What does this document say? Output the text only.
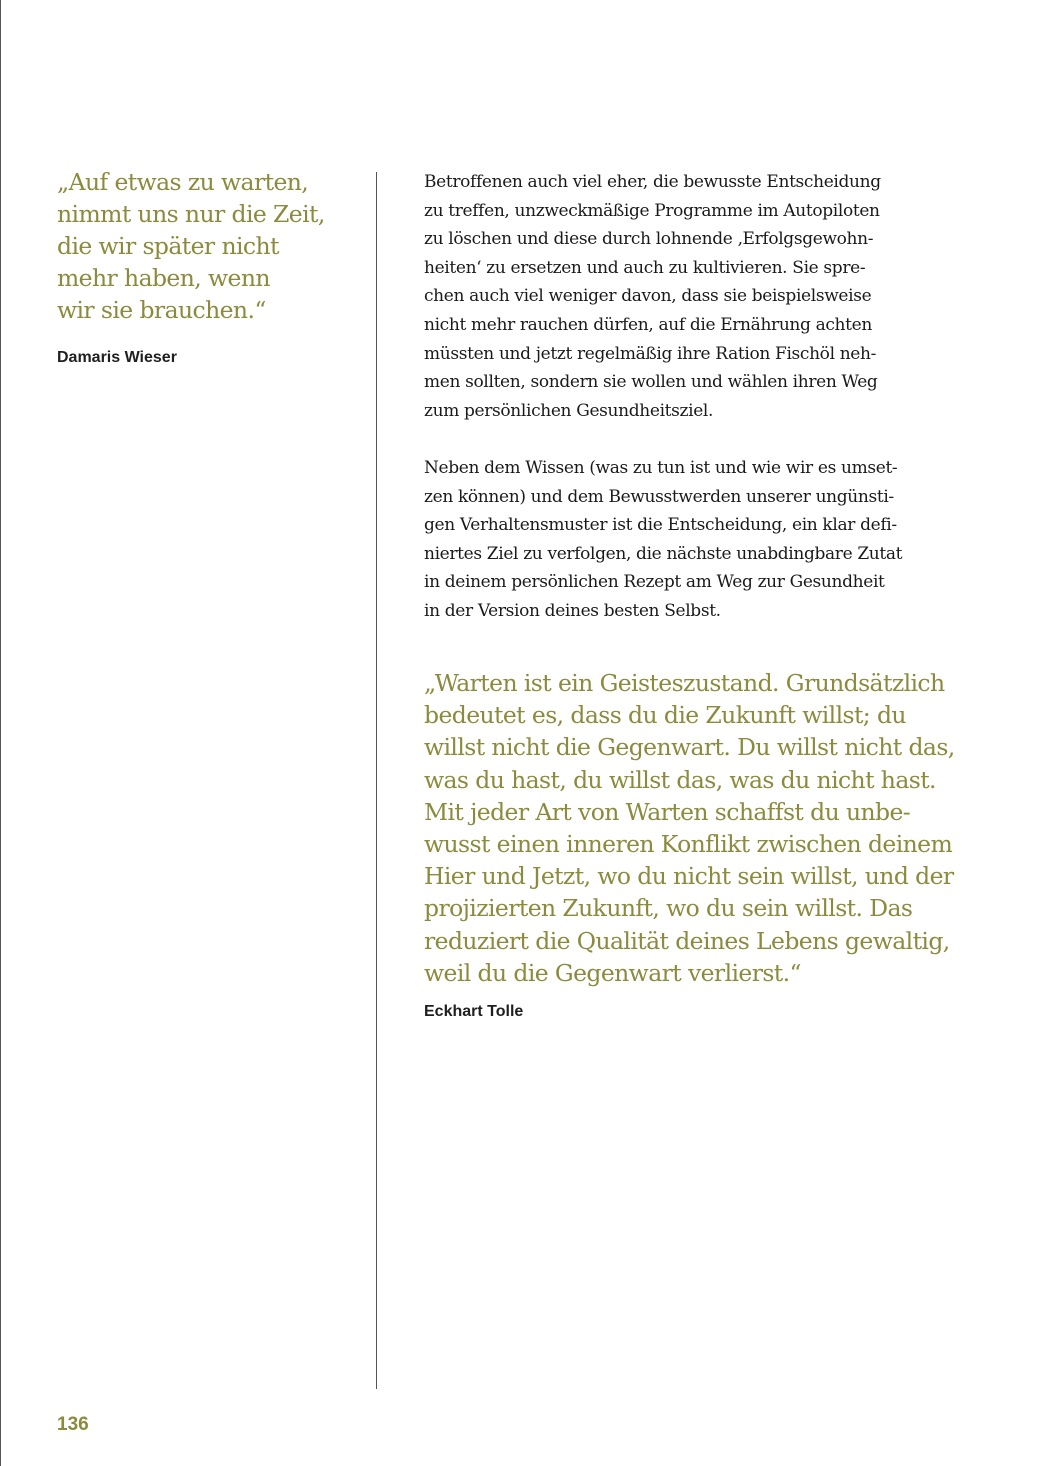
„Auf etwas zu warten,
nimmt uns nur die Zeit,
die wir später nicht
mehr haben, wenn
wir sie brauchen.“

Damaris Wieser

Betroffenen auch viel eher, die bewusste Entscheidung
zu treffen, unzweckmäßige Programme im Autopiloten
zu löschen und diese durch lohnende ‚Erfolgsgewohn-
heiten‘ zu ersetzen und auch zu kultivieren. Sie spre-
chen auch viel weniger davon, dass sie beispielsweise
nicht mehr rauchen dürfen, auf die Ernährung achten
müssten und jetzt regelmäßig ihre Ration Fischöl neh-
men sollten, sondern sie wollen und wählen ihren Weg
zum persönlichen Gesundheitsziel.

Neben dem Wissen (was zu tun ist und wie wir es umset-
zen können) und dem Bewusstwerden unserer ungünsti-
gen Verhaltensmuster ist die Entscheidung, ein klar defi-
niertes Ziel zu verfolgen, die nächste unabdingbare Zutat
in deinem persönlichen Rezept am Weg zur Gesundheit
in der Version deines besten Selbst.

„Warten ist ein Geisteszustand. Grundsätzlich
bedeutet es, dass du die Zukunft willst; du
willst nicht die Gegenwart. Du willst nicht das,
was du hast, du willst das, was du nicht hast.
Mit jeder Art von Warten schaffst du unbe-
wusst einen inneren Konflikt zwischen deinem
Hier und Jetzt, wo du nicht sein willst, und der
projizierten Zukunft, wo du sein willst. Das
reduziert die Qualität deines Lebens gewaltig,
weil du die Gegenwart verlierst.“

Eckhart Tolle

136
